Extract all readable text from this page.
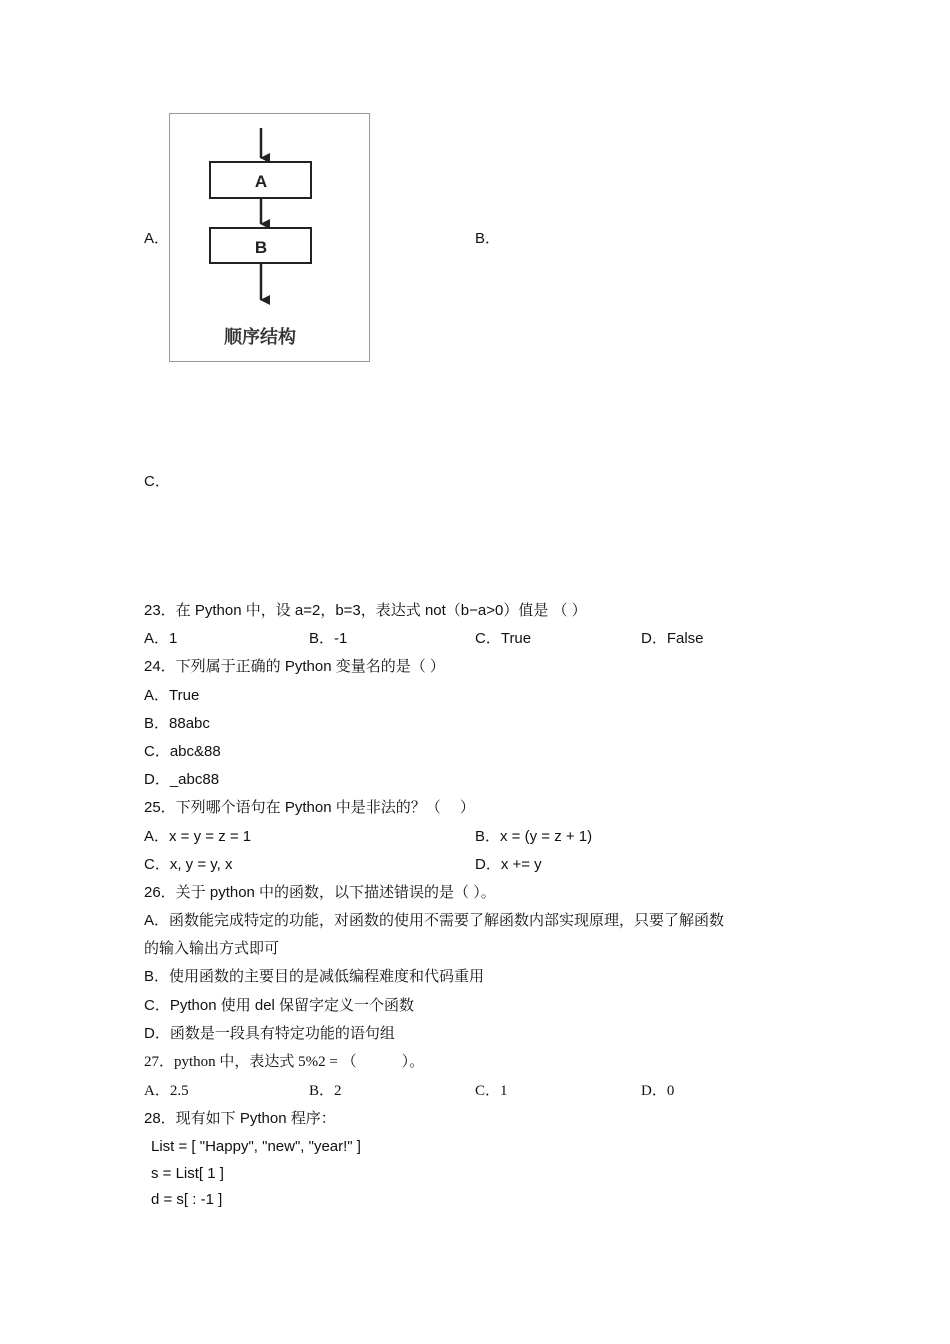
A．
A
B
顺序结构
B．
C．
23．在 Python 中，设 a=2，b=3，表达式 not（b−a>0）值是 （ ）
A．1	B．-1	C．True	D．False
24．下列属于正确的 Python 变量名的是（ ）
A．True
B．88abc
C．abc&88
D．_abc88
25．下列哪个语句在 Python 中是非法的？（　 ）
A．x = y = z = 1	B．x = (y = z + 1)
C．x, y = y, x	D．x += y
26．关于 python 中的函数，以下描述错误的是（ ）。
A．函数能完成特定的功能，对函数的使用不需要了解函数内部实现原理，只要了解函数
的输入输出方式即可
B．使用函数的主要目的是减低编程难度和代码重用
C．Python 使用 del 保留字定义一个函数
D．函数是一段具有特定功能的语句组
27．python 中，表达式 5%2 = （　　　）。
A．2.5	B．2	C．1	D．0
28．现有如下 Python 程序：
List = [ "Happy", "new", "year!" ]
s = List[ 1 ]
d = s[ : -1 ]
